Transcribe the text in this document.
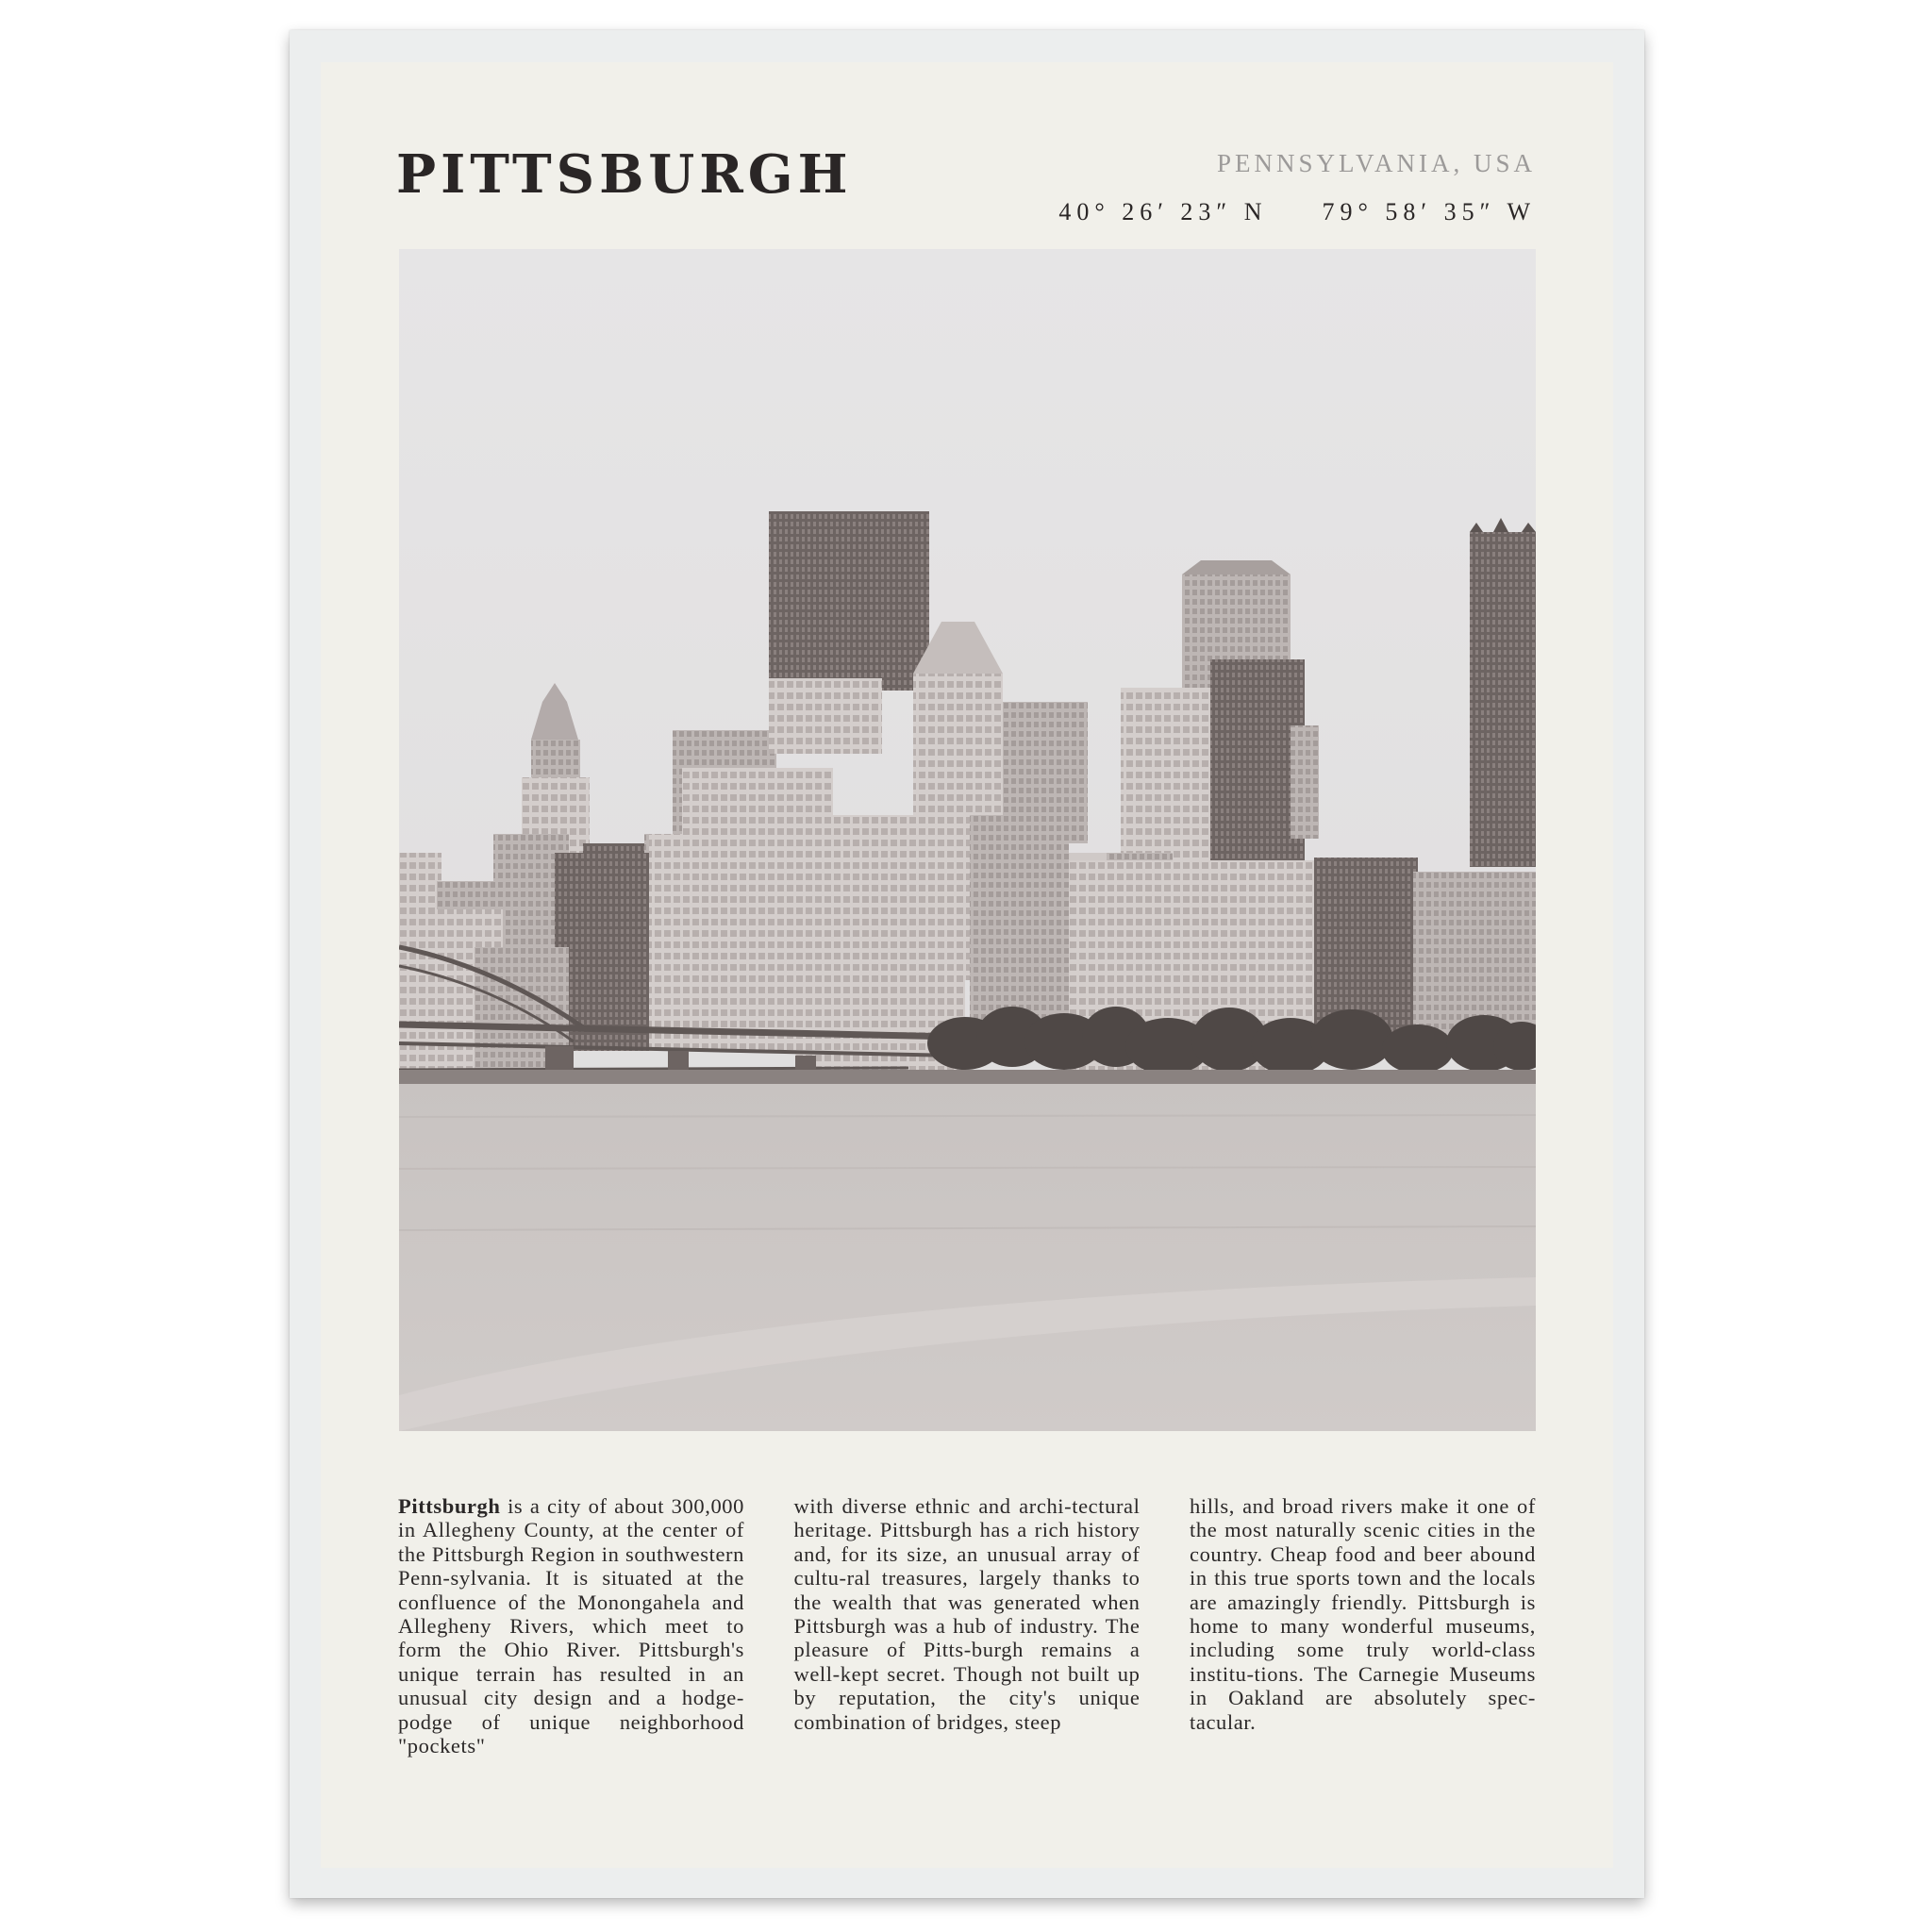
PITTSBURGH	PENNSYLVANIA, USA
40° 26′ 23″ N 79° 58′ 35″ W

Pittsburgh is a city of about 300,000 in Allegheny County, at the center of the Pittsburgh Region in southwestern Penn-sylvania. It is situated at the confluence of the Monongahela and Allegheny Rivers, which meet to form the Ohio River. Pittsburgh's unique terrain has resulted in an unusual city design and a hodge-podge of unique neighborhood "pockets"

with diverse ethnic and archi-tectural heritage. Pittsburgh has a rich history and, for its size, an unusual array of cultu-ral treasures, largely thanks to the wealth that was generated when Pittsburgh was a hub of industry. The pleasure of Pitts-burgh remains a well-kept secret. Though not built up by reputation, the city's unique combination of bridges, steep

hills, and broad rivers make it one of the most naturally scenic cities in the country. Cheap food and beer abound in this true sports town and the locals are amazingly friendly. Pittsburgh is home to many wonderful museums, including some truly world-class institu-tions. The Carnegie Museums in Oakland are absolutely spec-tacular.
